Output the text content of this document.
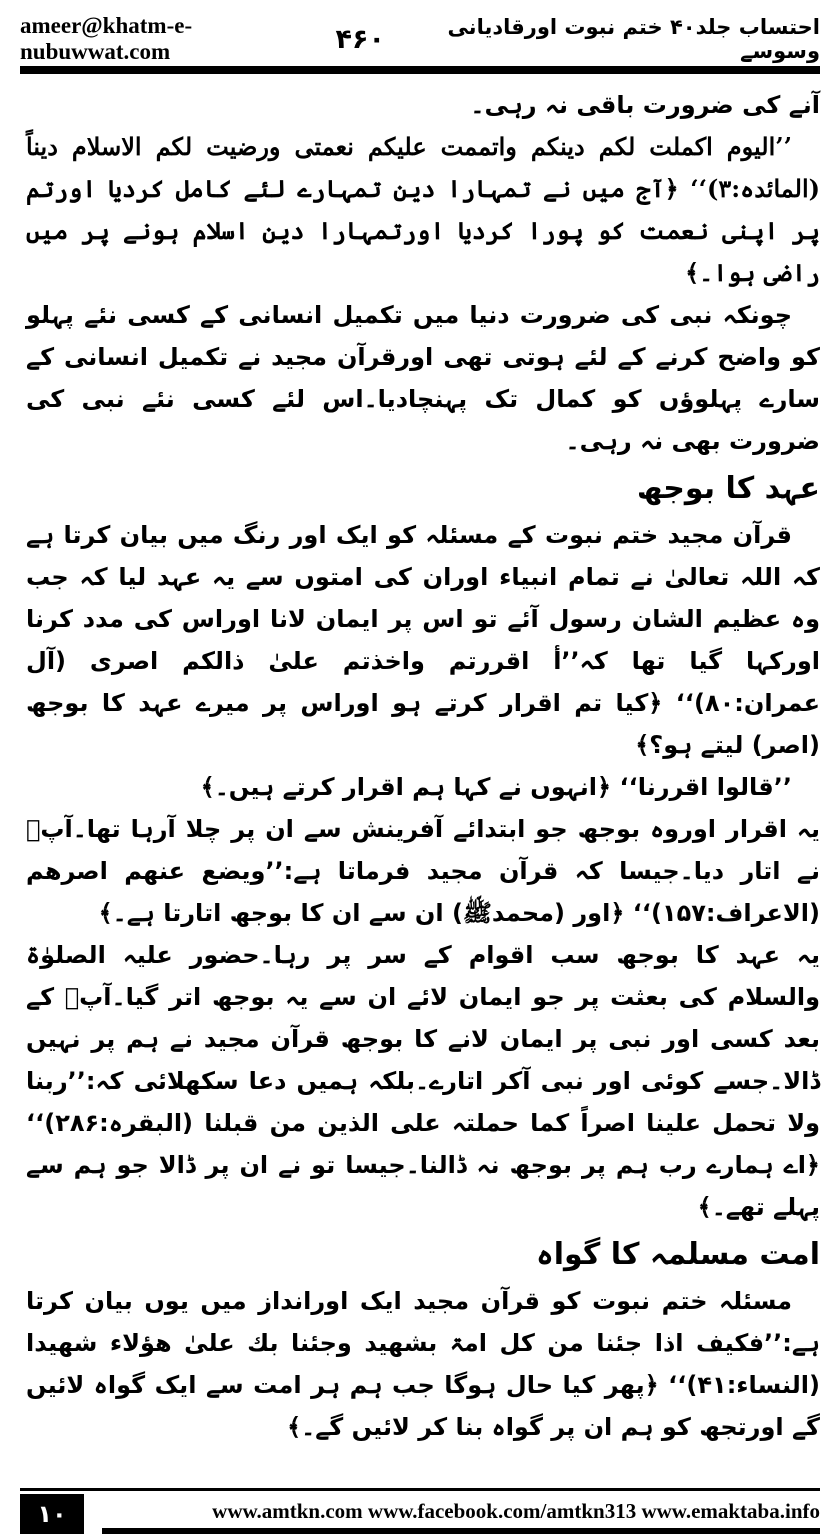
ameer@khatm-e-nubuwwat.com	۴۶۰	احتساب جلد۴۰ ختم نبوت اورقادیانی وسوسے

آنے کی ضرورت باقی نہ رہی۔

’’الیوم اکملت لکم دینکم واتممت علیکم نعمتی ورضیت لکم الاسلام دیناً (المائدہ:۳)‘‘ ﴿آج میں نے تمہارا دین تمہارے لئے کامل کردیا اورتم پر اپنی نعمت کو پورا کردیا اورتمہارا دین اسلام ہونے پر میں راضی ہوا۔﴾

چونکہ نبی کی ضرورت دنیا میں تکمیل انسانی کے کسی نئے پہلو کو واضح کرنے کے لئے ہوتی تھی اورقرآن مجید نے تکمیل انسانی کے سارے پہلوؤں کو کمال تک پہنچادیا۔اس لئے کسی نئے نبی کی ضرورت بھی نہ رہی۔

عہد کا بوجھ

قرآن مجید ختم نبوت کے مسئلہ کو ایک اور رنگ میں بیان کرتا ہے کہ اللہ تعالیٰ نے تمام انبیاء اوران کی امتوں سے یہ عہد لیا کہ جب وہ عظیم الشان رسول آئے تو اس پر ایمان لانا اوراس کی مدد کرنا اورکہا گیا تھا کہ’’أ اقررتم واخذتم علیٰ ذالکم اصری (آل عمران:۸۰)‘‘ ﴿کیا تم اقرار کرتے ہو اوراس پر میرے عہد کا بوجھ (اصر) لیتے ہو؟﴾

’’قالوا اقررنا‘‘ ﴿انہوں نے کہا ہم اقرار کرتے ہیں۔﴾

یہ اقرار اوروہ بوجھ جو ابتدائے آفرینش سے ان پر چلا آرہا تھا۔آپؐ نے اتار دیا۔جیسا کہ قرآن مجید فرماتا ہے:’’ویضع عنھم اصرھم (الاعراف:۱۵۷)‘‘ ﴿اور (محمدﷺ) ان سے ان کا بوجھ اتارتا ہے۔﴾

یہ عہد کا بوجھ سب اقوام کے سر پر رہا۔حضور علیہ الصلوٰۃ والسلام کی بعثت پر جو ایمان لائے ان سے یہ بوجھ اتر گیا۔آپؐ کے بعد کسی اور نبی پر ایمان لانے کا بوجھ قرآن مجید نے ہم پر نہیں ڈالا۔جسے کوئی اور نبی آکر اتارے۔بلکہ ہمیں دعا سکھلائی کہ:’’ربنا ولا تحمل علینا اصراً کما حملتہ علی الذین من قبلنا (البقرہ:۲۸۶)‘‘ ﴿اے ہمارے رب ہم پر بوجھ نہ ڈالنا۔جیسا تو نے ان پر ڈالا جو ہم سے پہلے تھے۔﴾

امت مسلمہ کا گواہ

مسئلہ ختم نبوت کو قرآن مجید ایک اورانداز میں یوں بیان کرتا ہے:’’فکیف اذا جئنا من کل امۃ بشھید وجئنا بك علیٰ ھؤلاء شھیدا (النساء:۴۱)‘‘ ﴿پھر کیا حال ہوگا جب ہم ہر امت سے ایک گواہ لائیں گے اورتجھ کو ہم ان پر گواہ بنا کر لائیں گے۔﴾

۱۰	www.amtkn.com www.facebook.com/amtkn313 www.emaktaba.info
